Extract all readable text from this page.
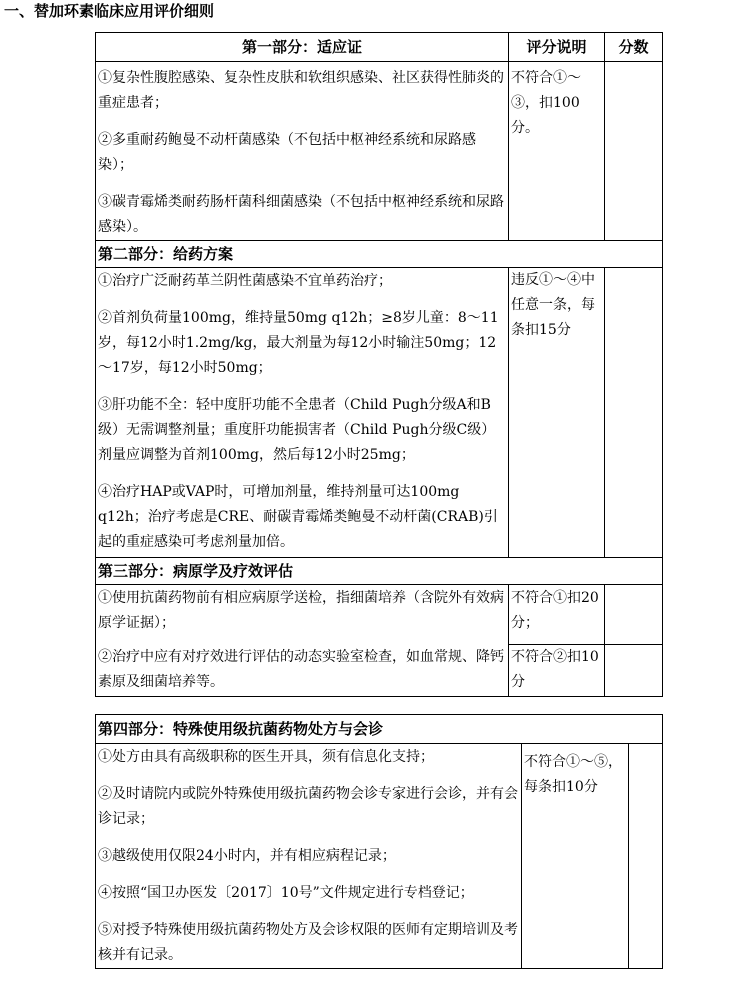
一、替加环素临床应用评价细则
第一部分：适应证	评分说明	分数

①复杂性腹腔感染、复杂性皮肤和软组织感染、社区获得性肺炎的重症患者；

②多重耐药鲍曼不动杆菌感染（不包括中枢神经系统和尿路感染）；

③碳青霉烯类耐药肠杆菌科细菌感染（不包括中枢神经系统和尿路感染）。	不符合①～③，扣100分。	
第二部分：给药方案		

①治疗广泛耐药革兰阴性菌感染不宜单药治疗；

②首剂负荷量100mg，维持量50mg q12h；≥8岁儿童：8～11岁，每12小时1.2mg/kg，最大剂量为每12小时输注50mg；12～17岁，每12小时50mg；

③肝功能不全：轻中度肝功能不全患者（Child Pugh分级A和B级）无需调整剂量；重度肝功能损害者（Child Pugh分级C级）剂量应调整为首剂100mg，然后每12小时25mg；

④治疗HAP或VAP时，可增加剂量，维持剂量可达100mg q12h；治疗考虑是CRE、耐碳青霉烯类鲍曼不动杆菌(CRAB)引起的重症感染可考虑剂量加倍。	违反①～④中任意一条，每条扣15分	
第三部分：病原学及疗效评估		
①使用抗菌药物前有相应病原学送检，指细菌培养（含院外有效病原学证据）；	不符合①扣20分；	
②治疗中应有对疗效进行评估的动态实验室检查，如血常规、降钙素原及细菌培养等。	不符合②扣10分	
第四部分：特殊使用级抗菌药物处方与会诊

①处方由具有高级职称的医生开具，须有信息化支持；

②及时请院内或院外特殊使用级抗菌药物会诊专家进行会诊，并有会诊记录；

③越级使用仅限24小时内，并有相应病程记录；

④按照“国卫办医发〔2017〕10号”文件规定进行专档登记；

⑤对授予特殊使用级抗菌药物处方及会诊权限的医师有定期培训及考核并有记录。

	不符合①～⑤，每条扣10分	
